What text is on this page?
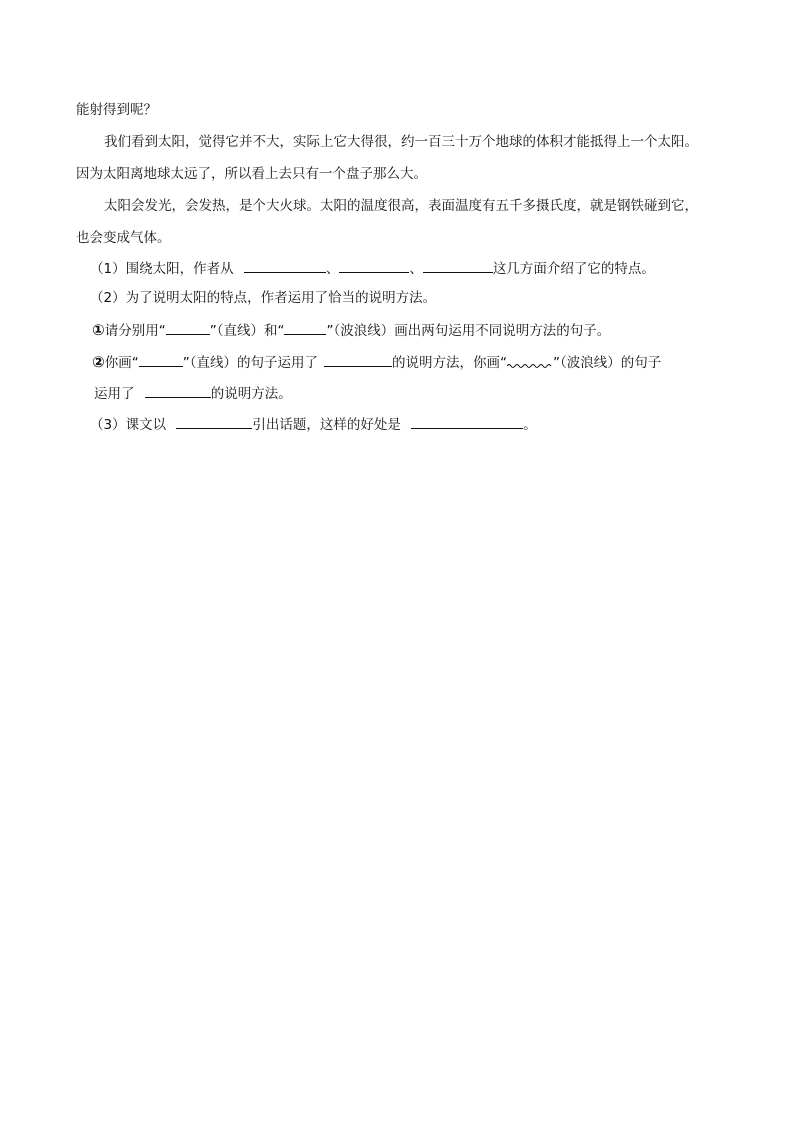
能射得到呢？
我们看到太阳，觉得它并不大，实际上它大得很，约一百三十万个地球的体积才能抵得上一个太阳。
因为太阳离地球太远了，所以看上去只有一个盘子那么大。
太阳会发光，会发热，是个大火球。太阳的温度很高，表面温度有五千多摄氏度，就是钢铁碰到它，
也会变成气体。
（1）围绕太阳，作者从	、	、	这几方面介绍了它的特点。
（2）为了说明太阳的特点，作者运用了恰当的说明方法。
①请分别用“	”（直线）和“	”（波浪线）画出两句运用不同说明方法的句子。
②你画“	”（直线）的句子运用了	的说明方法，你画“	”（波浪线）的句子
运用了	的说明方法。
（3）课文以	引出话题，这样的好处是	。
